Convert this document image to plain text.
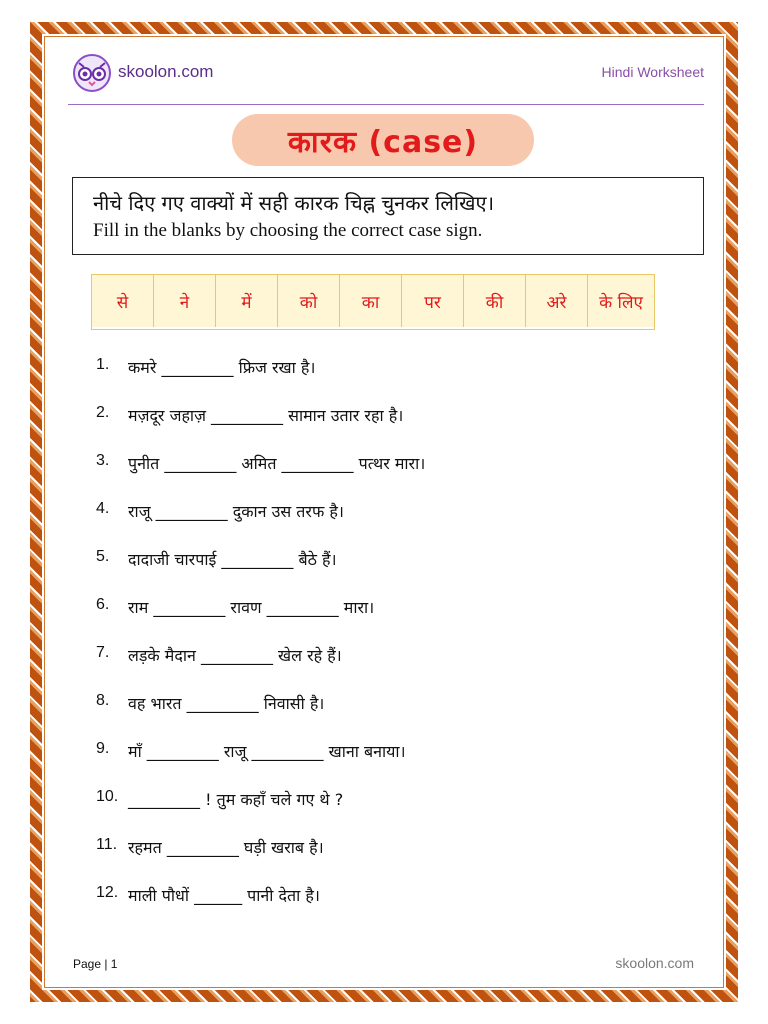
skoolon.com	Hindi Worksheet
कारक (case)
नीचे दिए गए वाक्यों में सही कारक चिह्न चुनकर लिखिए।
Fill in the blanks by choosing the correct case sign.
से	ने	में	को	का	पर	की	अरे	के लिए
1.	कमरे _________ फ्रिज रखा है।
2.	मज़दूर जहाज़ _________ सामान उतार रहा है।
3.	पुनीत _________ अमित _________ पत्थर मारा।
4.	राजू _________ दुकान उस तरफ है।
5.	दादाजी चारपाई _________ बैठे हैं।
6.	राम _________ रावण _________ मारा।
7.	लड़के मैदान _________ खेल रहे हैं।
8.	वह भारत _________ निवासी है।
9.	माँ _________ राजू _________ खाना बनाया।
10. _________ ! तुम कहाँ चले गए थे ?
11. रहमत _________ घड़ी खराब है।
12. माली पौधों ______ पानी देता है।
Page | 1	skoolon.com
